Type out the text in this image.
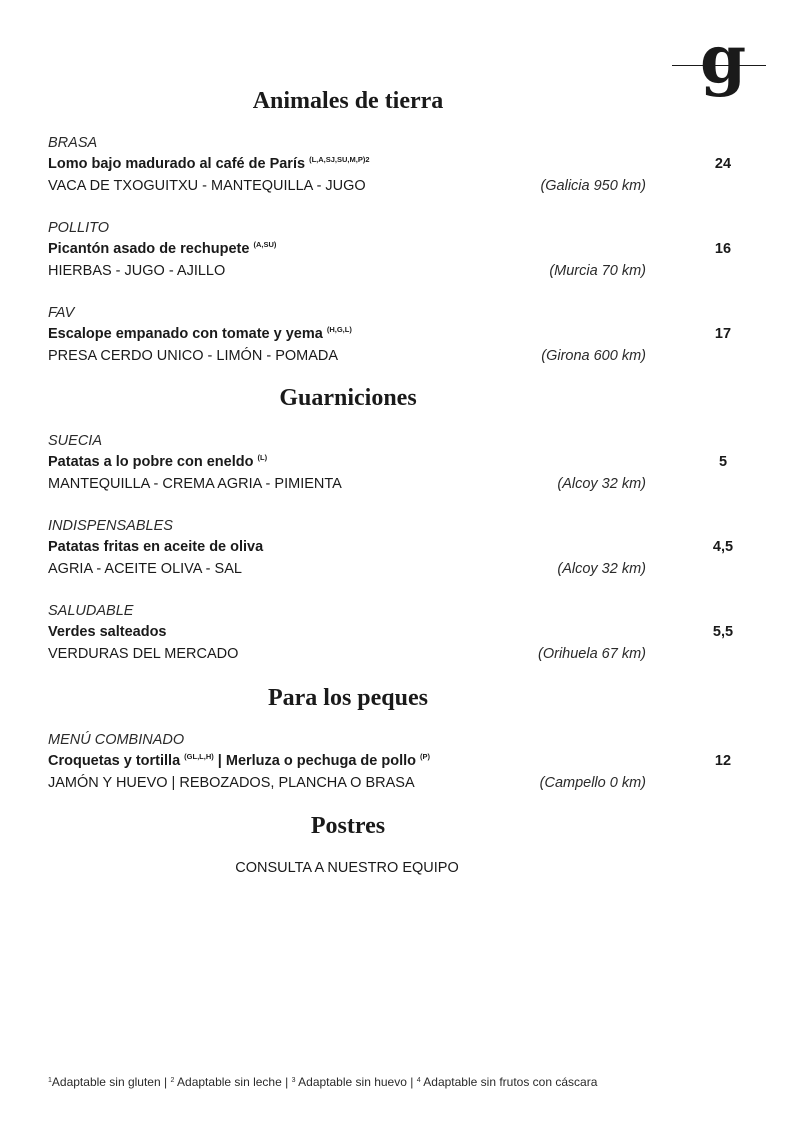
g
Animales de tierra
BRASA
Lomo bajo madurado al café de París $^{(L,A,SJ,SU,M,P)2}$	24
VACA DE TXOGUITXU - MANTEQUILLA - JUGO	(Galicia 950 km)
POLLITO
Picantón asado de rechupete $^{(A,SU)}$	16
HIERBAS - JUGO - AJILLO	(Murcia 70 km)
FAV
Escalope empanado con tomate y yema $^{(H,G,L)}$	17
PRESA CERDO UNICO - LIMÓN - POMADA	(Girona 600 km)
Guarniciones
SUECIA
Patatas a lo pobre con eneldo $^{(L)}$	5
MANTEQUILLA - CREMA AGRIA - PIMIENTA	(Alcoy 32 km)
INDISPENSABLES
Patatas fritas en aceite de oliva	4,5
AGRIA - ACEITE OLIVA - SAL	(Alcoy 32 km)
SALUDABLE
Verdes salteados	5,5
VERDURAS DEL MERCADO	(Orihuela 67 km)
Para los peques
MENÚ COMBINADO
Croquetas y tortilla $^{(GL,L,H)}$ | Merluza o pechuga de pollo $^{(P)}$	12
JAMÓN Y HUEVO | REBOZADOS, PLANCHA O BRASA	(Campello 0 km)
Postres
CONSULTA A NUESTRO EQUIPO
$^1$Adaptable sin gluten | $^2$ Adaptable sin leche | $^3$ Adaptable sin huevo | $^4$ Adaptable sin frutos con cáscara
